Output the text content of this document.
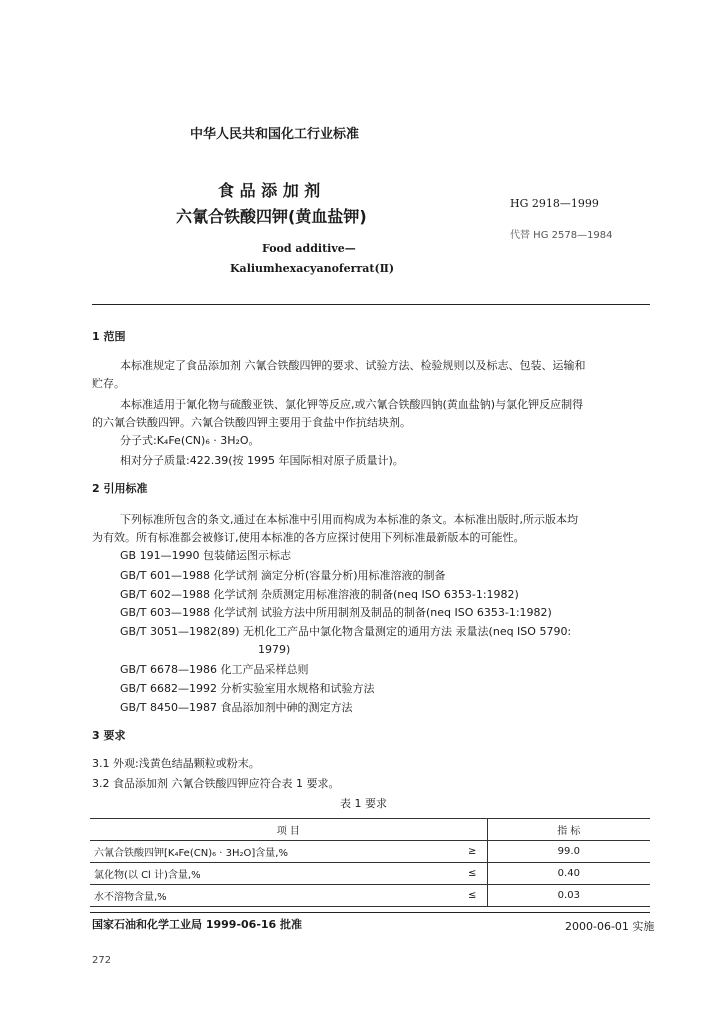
中华人民共和国化工行业标准
食 品 添 加 剂
六氰合铁酸四钾(黄血盐钾)
Food additive—
Kaliumhexacyanoferrat(Ⅱ)
HG 2918—1999
代替 HG 2578—1984
1 范围
本标准规定了食品添加剂 六氰合铁酸四钾的要求、试验方法、检验规则以及标志、包装、运输和
贮存。
本标准适用于氰化物与硫酸亚铁、氯化钾等反应,或六氰合铁酸四钠(黄血盐钠)与氯化钾反应制得
的六氰合铁酸四钾。六氰合铁酸四钾主要用于食盐中作抗结块剂。
分子式:K₄Fe(CN)₆ · 3H₂O。
相对分子质量:422.39(按 1995 年国际相对原子质量计)。
2 引用标准
下列标准所包含的条文,通过在本标准中引用而构成为本标准的条文。本标准出版时,所示版本均
为有效。所有标准都会被修订,使用本标准的各方应探讨使用下列标准最新版本的可能性。
GB 191—1990 包装储运图示标志
GB/T 601—1988 化学试剂 滴定分析(容量分析)用标准溶液的制备
GB/T 602—1988 化学试剂 杂质测定用标准溶液的制备(neq ISO 6353-1:1982)
GB/T 603—1988 化学试剂 试验方法中所用制剂及制品的制备(neq ISO 6353-1:1982)
GB/T 3051—1982(89) 无机化工产品中氯化物含量测定的通用方法 汞量法(neq ISO 5790:
1979)
GB/T 6678—1986 化工产品采样总则
GB/T 6682—1992 分析实验室用水规格和试验方法
GB/T 8450—1987 食品添加剂中砷的测定方法
3 要求
3.1 外观:浅黄色结晶颗粒或粉末。
3.2 食品添加剂 六氰合铁酸四钾应符合表 1 要求。
表 1 要求
项 目		指 标
六氰合铁酸四钾[K₄Fe(CN)₆ · 3H₂O]含量,%	≥	99.0
氯化物(以 Cl 计)含量,%	≤	0.40
水不溶物含量,%	≤	0.03
国家石油和化学工业局 1999-06-16 批准	2000-06-01 实施
272
